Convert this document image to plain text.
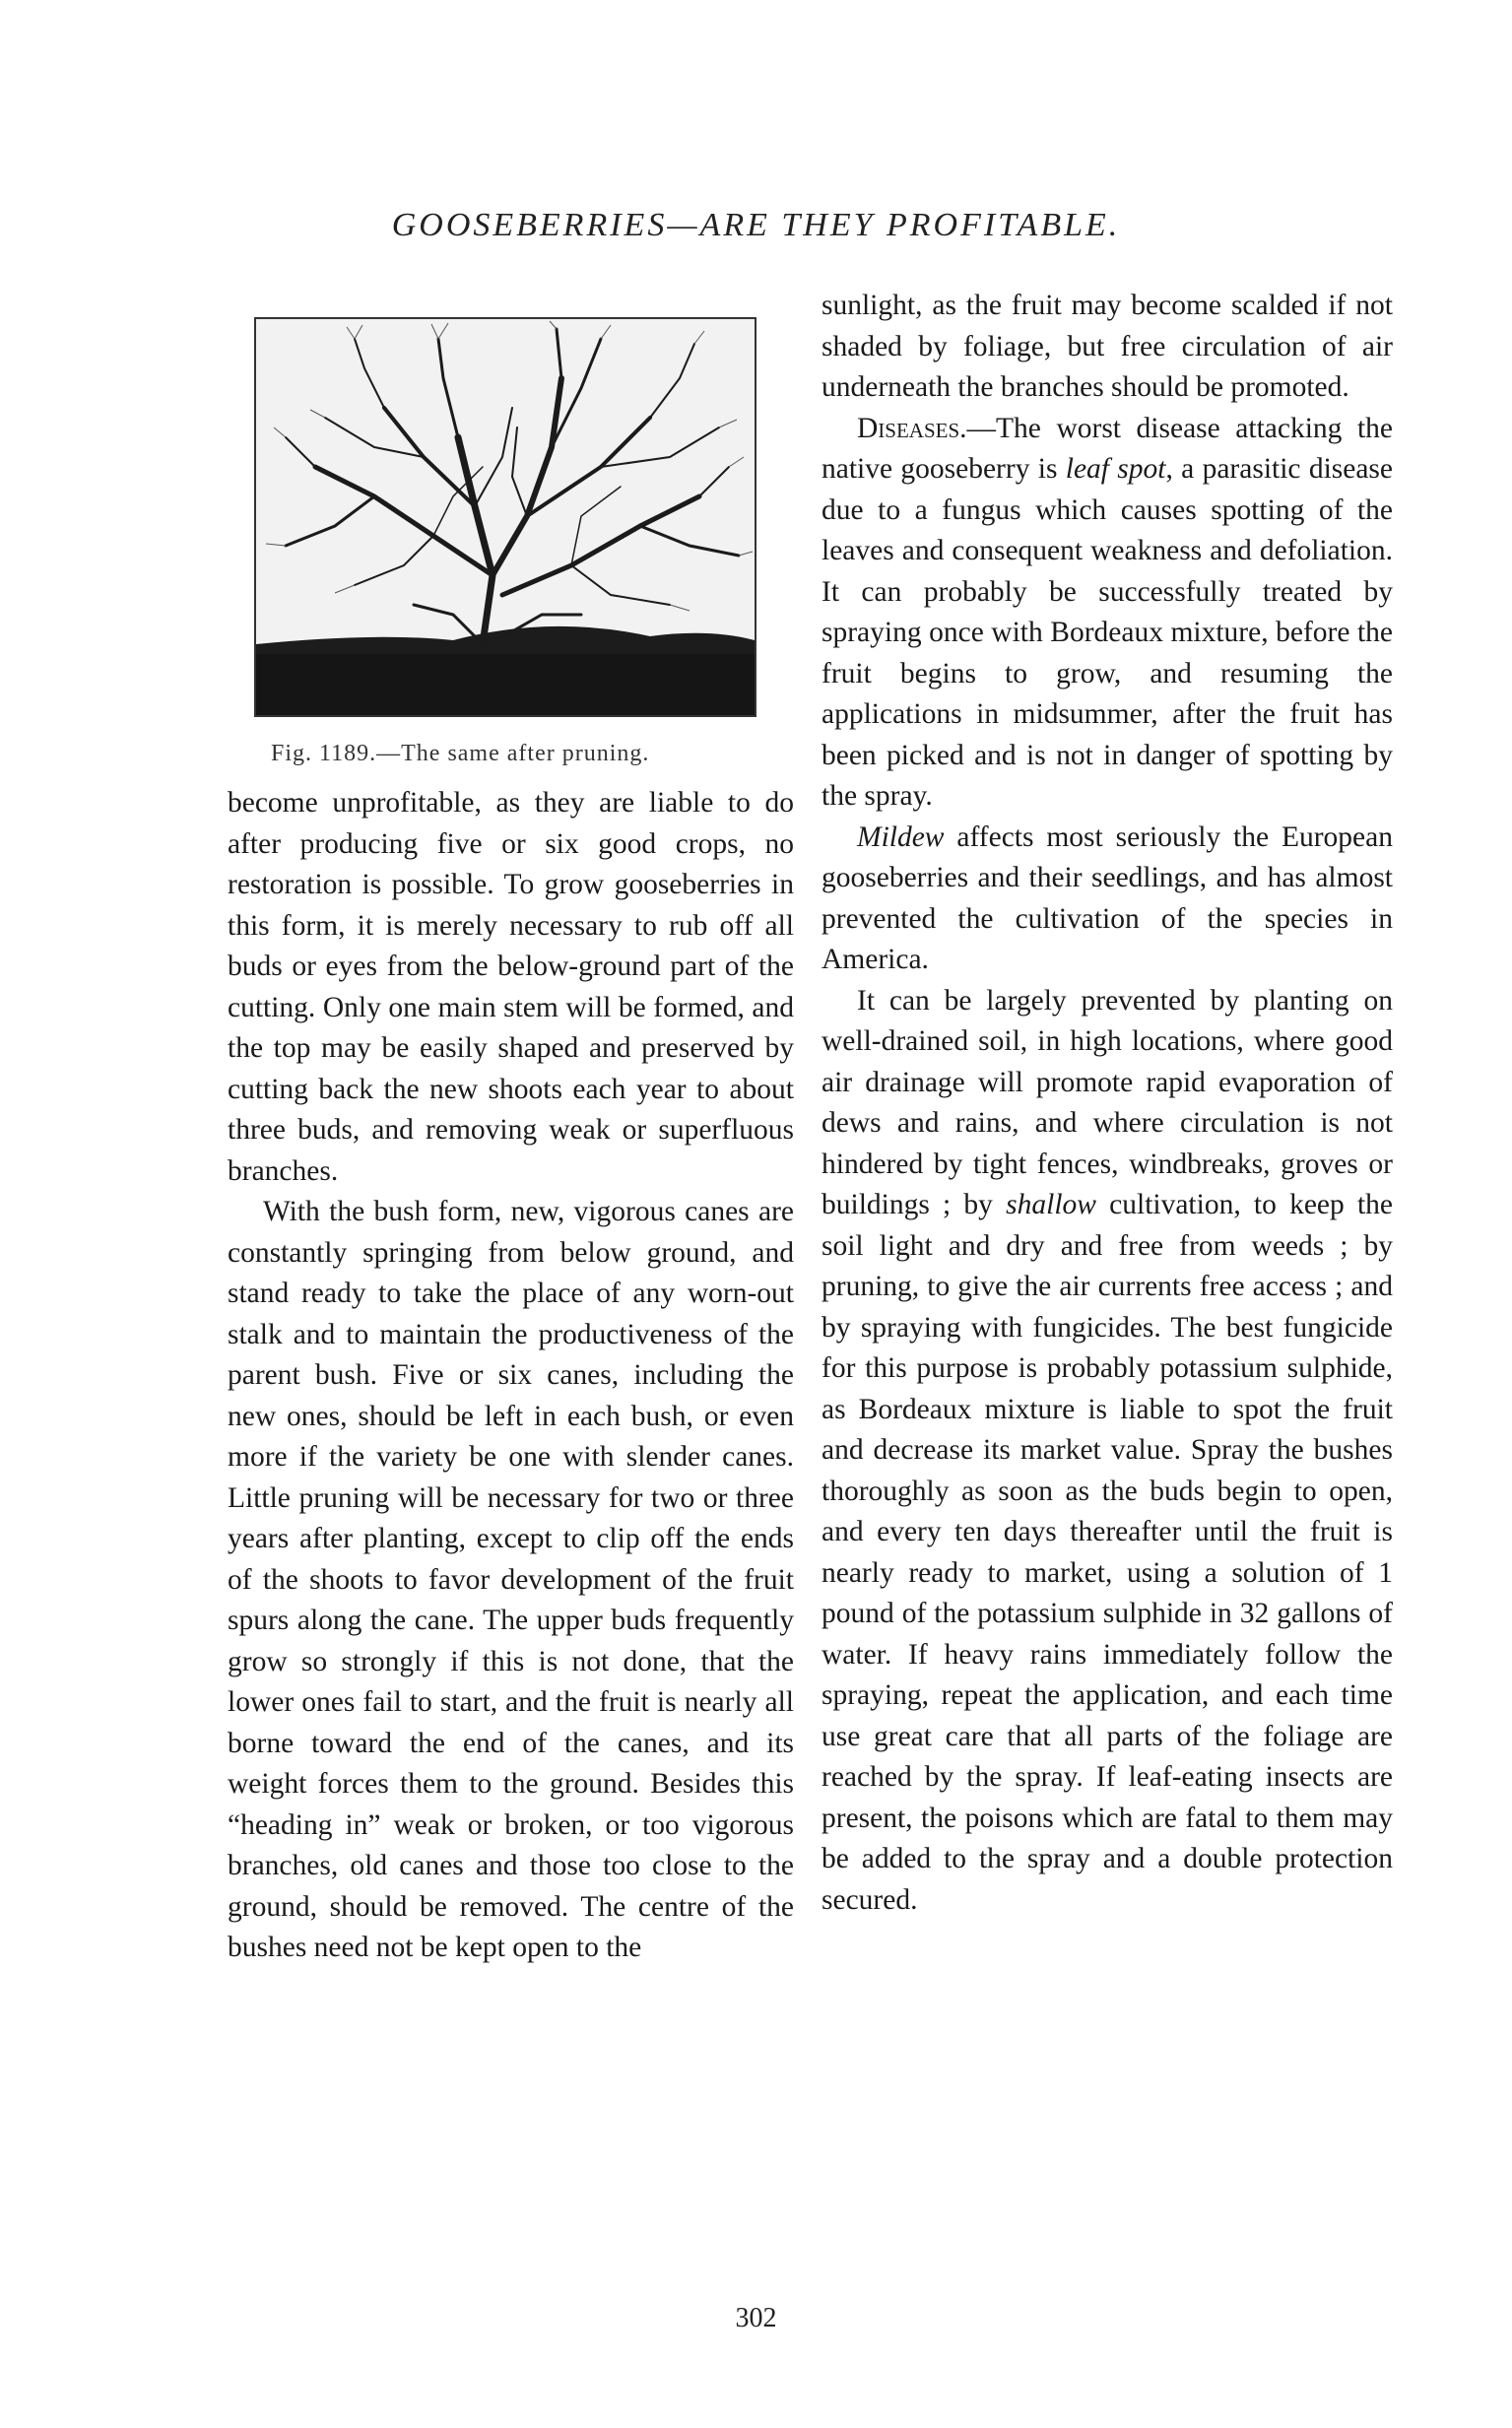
GOOSEBERRIES—ARE THEY PROFITABLE.
Fig. 1189.—The same after pruning.

become unprofitable, as they are liable to do after producing five or six good crops, no restoration is possible. To grow gooseberries in this form, it is merely necessary to rub off all buds or eyes from the below-ground part of the cutting. Only one main stem will be formed, and the top may be easily shaped and preserved by cutting back the new shoots each year to about three buds, and removing weak or superfluous branches.

With the bush form, new, vigorous canes are constantly springing from below ground, and stand ready to take the place of any worn-out stalk and to maintain the productiveness of the parent bush. Five or six canes, including the new ones, should be left in each bush, or even more if the variety be one with slender canes. Little pruning will be necessary for two or three years after planting, except to clip off the ends of the shoots to favor development of the fruit spurs along the cane. The upper buds frequently grow so strongly if this is not done, that the lower ones fail to start, and the fruit is nearly all borne toward the end of the canes, and its weight forces them to the ground. Besides this “heading in” weak or broken, or too vigorous branches, old canes and those too close to the ground, should be removed. The centre of the bushes need not be kept open to the

sunlight, as the fruit may become scalded if not shaded by foliage, but free circulation of air underneath the branches should be promoted.

Diseases.—The worst disease attacking the native gooseberry is leaf spot, a parasitic disease due to a fungus which causes spotting of the leaves and consequent weakness and defoliation. It can probably be successfully treated by spraying once with Bordeaux mixture, before the fruit begins to grow, and resuming the applications in midsummer, after the fruit has been picked and is not in danger of spotting by the spray.

Mildew affects most seriously the European gooseberries and their seedlings, and has almost prevented the cultivation of the species in America.

It can be largely prevented by planting on well-drained soil, in high locations, where good air drainage will promote rapid evaporation of dews and rains, and where circulation is not hindered by tight fences, windbreaks, groves or buildings ; by shallow cultivation, to keep the soil light and dry and free from weeds ; by pruning, to give the air currents free access ; and by spraying with fungicides. The best fungicide for this purpose is probably potassium sulphide, as Bordeaux mixture is liable to spot the fruit and decrease its market value. Spray the bushes thoroughly as soon as the buds begin to open, and every ten days thereafter until the fruit is nearly ready to market, using a solution of 1 pound of the potassium sulphide in 32 gallons of water. If heavy rains immediately follow the spraying, repeat the application, and each time use great care that all parts of the foliage are reached by the spray. If leaf-eating insects are present, the poisons which are fatal to them may be added to the spray and a double protection secured.

302
